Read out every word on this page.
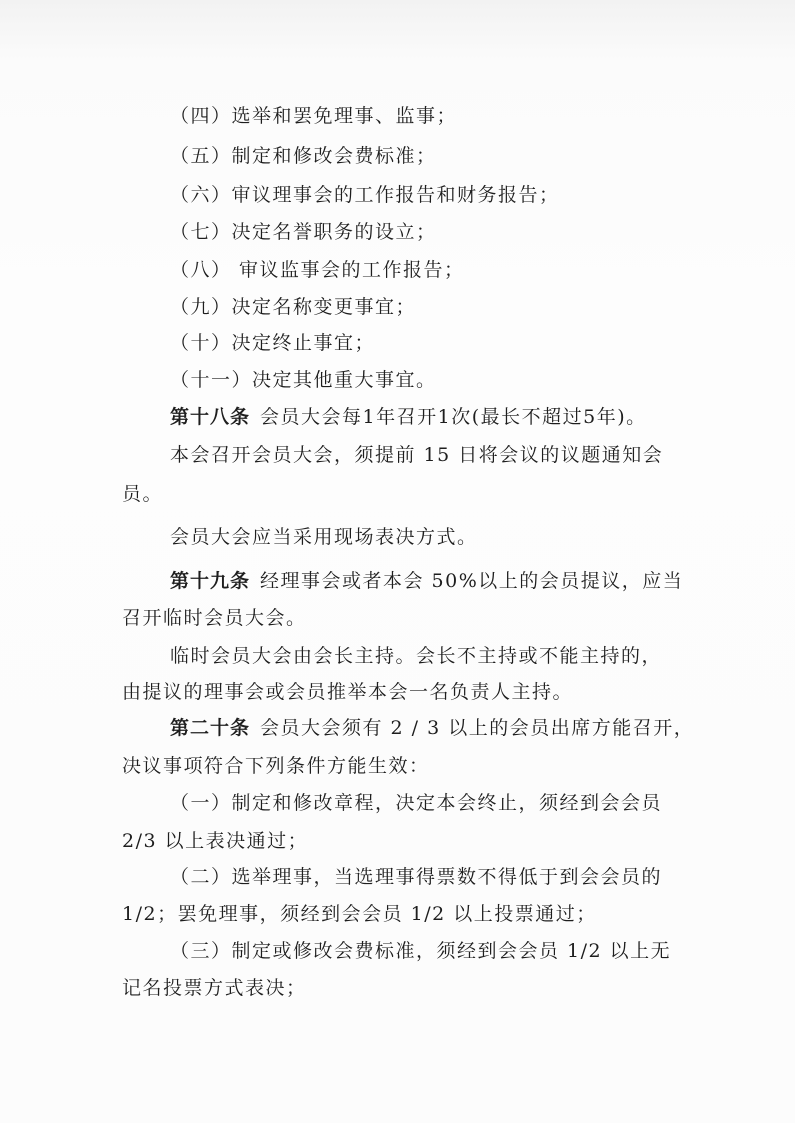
（四）选举和罢免理事、监事；
（五）制定和修改会费标准；
（六）审议理事会的工作报告和财务报告；
（七）决定名誉职务的设立；
（八） 审议监事会的工作报告；
（九）决定名称变更事宜；
（十）决定终止事宜；
（十一）决定其他重大事宜。
第十八条 会员大会每1年召开1次(最长不超过5年)。
本会召开会员大会，须提前 15 日将会议的议题通知会
员。
会员大会应当采用现场表决方式。
第十九条 经理事会或者本会 50%以上的会员提议，应当
召开临时会员大会。
临时会员大会由会长主持。会长不主持或不能主持的，
由提议的理事会或会员推举本会一名负责人主持。
第二十条 会员大会须有 2 / 3 以上的会员出席方能召开，
决议事项符合下列条件方能生效：
（一）制定和修改章程，决定本会终止，须经到会会员
2/3 以上表决通过；
（二）选举理事，当选理事得票数不得低于到会会员的
1/2；罢免理事，须经到会会员 1/2 以上投票通过；
（三）制定或修改会费标准，须经到会会员 1/2 以上无
记名投票方式表决；
